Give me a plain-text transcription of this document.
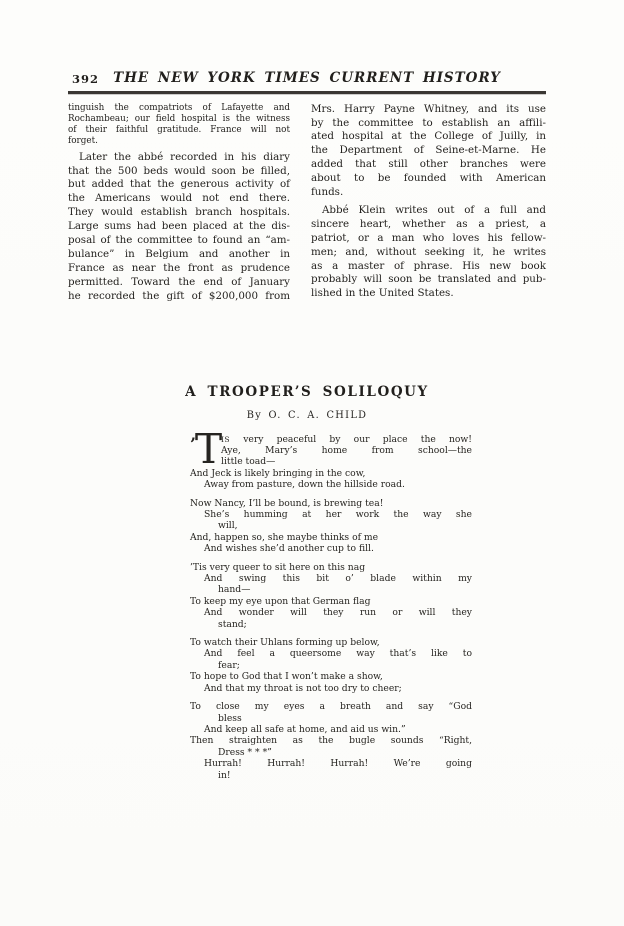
392	THE NEW YORK TIMES CURRENT HISTORY
tinguish the compatriots of Lafayette and
Rochambeau; our field hospital is the witness
of their faithful gratitude. France will not
forget.
Later the abbé recorded in his diary
that the 500 beds would soon be filled,
but added that the generous activity of
the Americans would not end there.
They would establish branch hospitals.
Large sums had been placed at the dis-
posal of the committee to found an “am-
bulance” in Belgium and another in
France as near the front as prudence
permitted. Toward the end of January
he recorded the gift of $200,000 from
Mrs. Harry Payne Whitney, and its use
by the committee to establish an affili-
ated hospital at the College of Juilly, in
the Department of Seine-et-Marne. He
added that still other branches were
about to be founded with American
funds.
Abbé Klein writes out of a full and
sincere heart, whether as a priest, a
patriot, or a man who loves his fellow-
men; and, without seeking it, he writes
as a master of phrase. His new book
probably will soon be translated and pub-
lished in the United States.
A TROOPER’S SOLILOQUY
By O. C. A. CHILD
’T
IS very peaceful by our place the now!
Aye, Mary’s home from school—the
little toad—
And Jeck is likely bringing in the cow,
Away from pasture, down the hillside road.
Now Nancy, I’ll be bound, is brewing tea!
She’s humming at her work the way she
will,
And, happen so, she maybe thinks of me
And wishes she’d another cup to fill.
’Tis very queer to sit here on this nag
And swing this bit o’ blade within my
hand—
To keep my eye upon that German flag
And wonder will they run or will they
stand;
To watch their Uhlans forming up below,
And feel a queersome way that’s like to
fear;
To hope to God that I won’t make a show,
And that my throat is not too dry to cheer;
To close my eyes a breath and say “God
bless
And keep all safe at home, and aid us win.”
Then straighten as the bugle sounds “Right,
Dress * * *”
Hurrah! Hurrah! Hurrah! We’re going
in!
